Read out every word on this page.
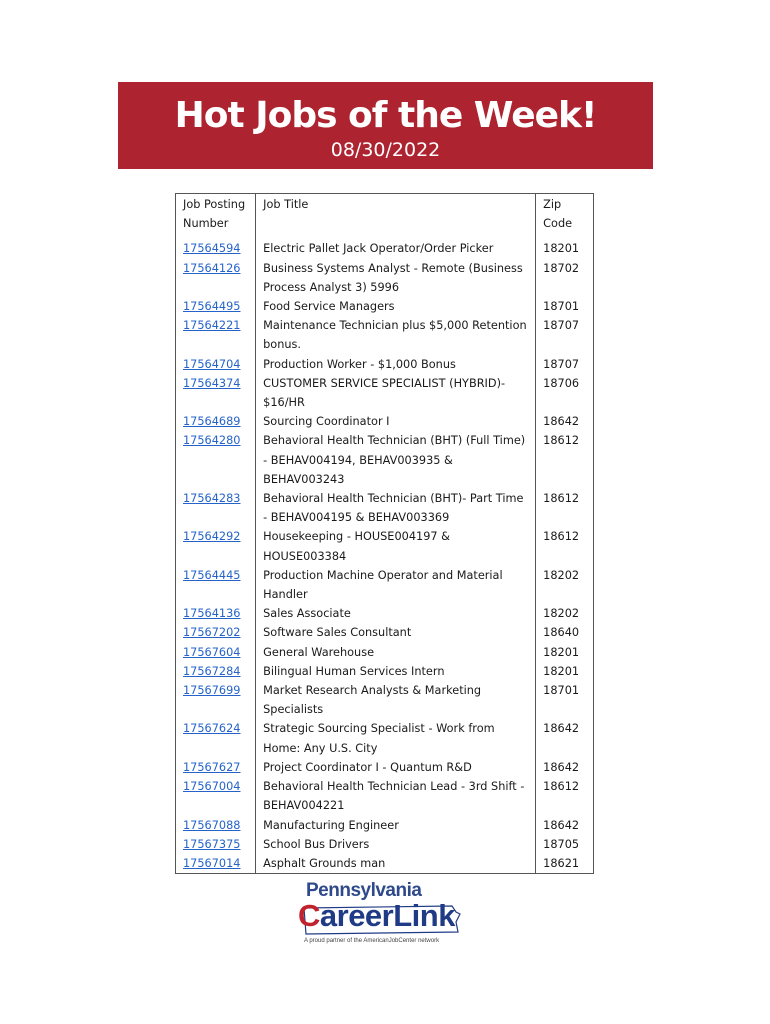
Hot Jobs of the Week!
08/30/2022
Job Posting Number	Job Title	Zip Code
17564594	Electric Pallet Jack Operator/Order Picker	18201
17564126	Business Systems Analyst - Remote (Business Process Analyst 3) 5996	18702
17564495	Food Service Managers	18701
17564221	Maintenance Technician plus $5,000 Retention bonus.	18707
17564704	Production Worker - $1,000 Bonus	18707
17564374	CUSTOMER SERVICE SPECIALIST (HYBRID)- $16/HR	18706
17564689	Sourcing Coordinator I	18642
17564280	Behavioral Health Technician (BHT) (Full Time) - BEHAV004194, BEHAV003935 & BEHAV003243	18612
17564283	Behavioral Health Technician (BHT)- Part Time - BEHAV004195 & BEHAV003369	18612
17564292	Housekeeping - HOUSE004197 & HOUSE003384	18612
17564445	Production Machine Operator and Material Handler	18202
17564136	Sales Associate	18202
17567202	Software Sales Consultant	18640
17567604	General Warehouse	18201
17567284	Bilingual Human Services Intern	18201
17567699	Market Research Analysts & Marketing Specialists	18701
17567624	Strategic Sourcing Specialist - Work from Home: Any U.S. City	18642
17567627	Project Coordinator I - Quantum R&D	18642
17567004	Behavioral Health Technician Lead - 3rd Shift - BEHAV004221	18612
17567088	Manufacturing Engineer	18642
17567375	School Bus Drivers	18705
17567014	Asphalt Grounds man	18621
Pennsylvania
CareerLink
A proud partner of the AmericanJobCenter network
